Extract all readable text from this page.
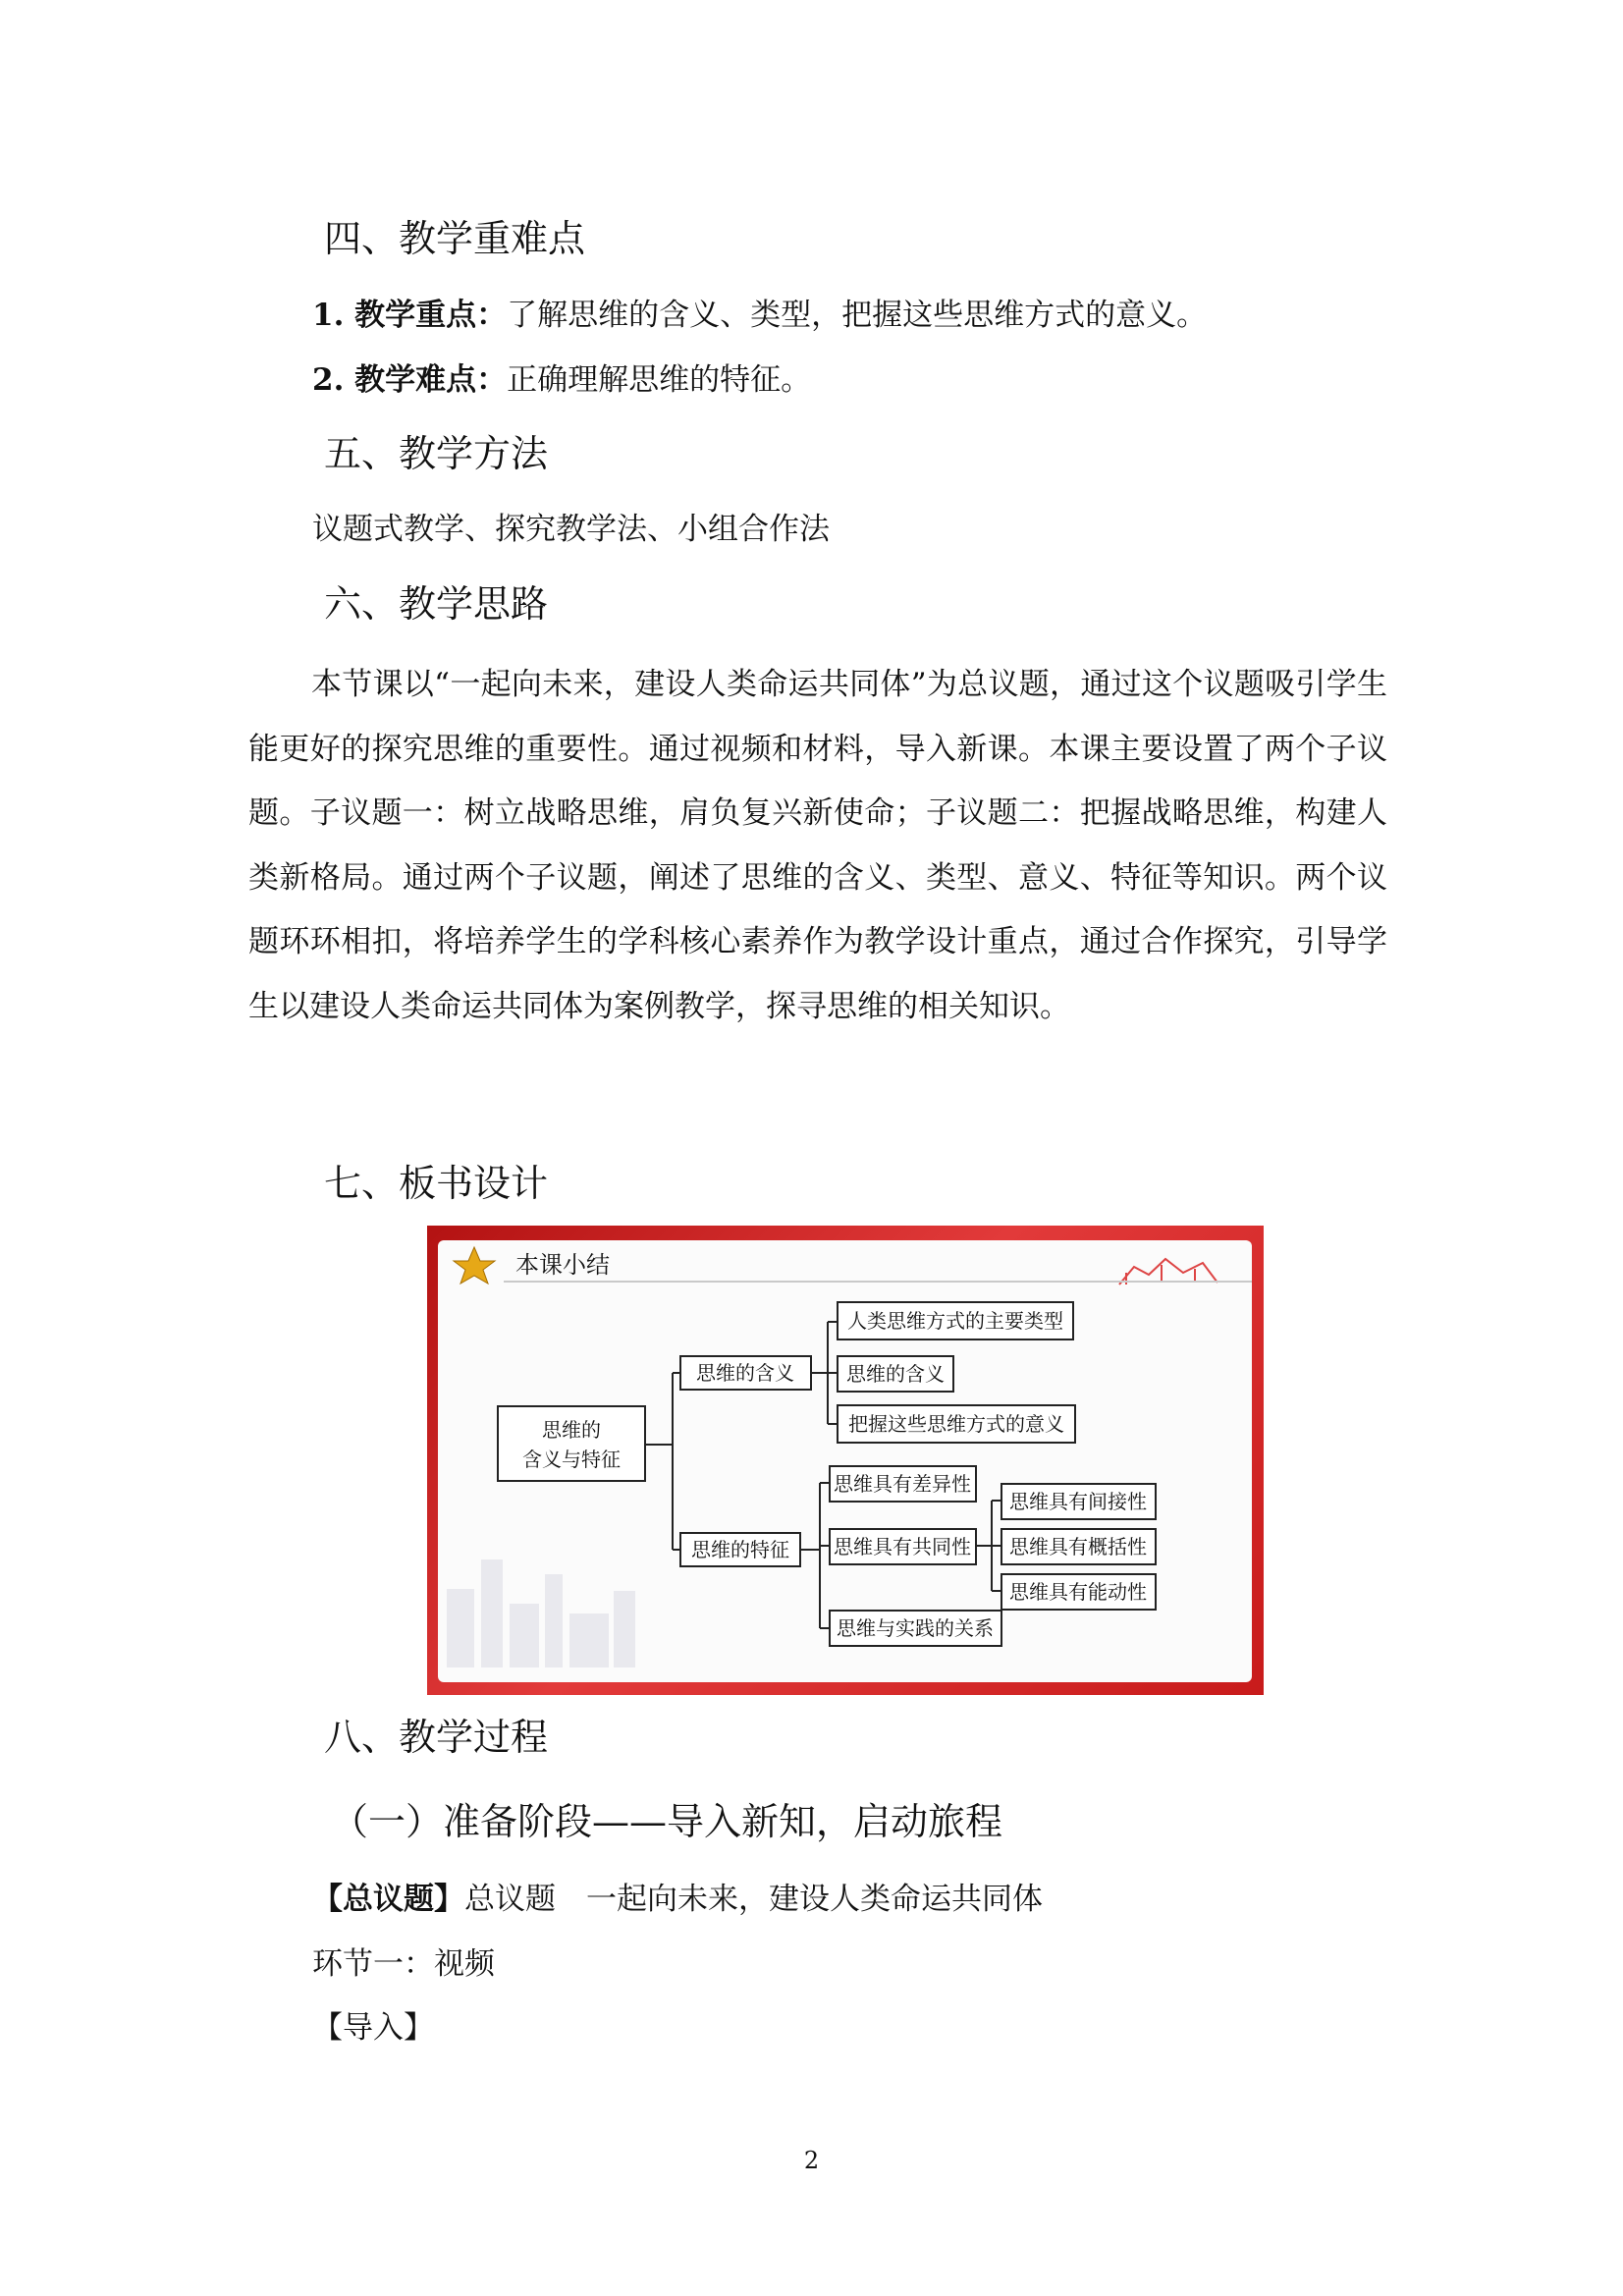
四、教学重难点
1. 教学重点：了解思维的含义、类型，把握这些思维方式的意义。
2. 教学难点：正确理解思维的特征。
五、教学方法
议题式教学、探究教学法、小组合作法
六、教学思路
本节课以“一起向未来，建设人类命运共同体”为总议题，通过这个议题吸引学生能更好的探究思维的重要性。通过视频和材料，导入新课。本课主要设置了两个子议题。子议题一：树立战略思维，肩负复兴新使命；子议题二：把握战略思维，构建人类新格局。通过两个子议题，阐述了思维的含义、类型、意义、特征等知识。两个议题环环相扣，将培养学生的学科核心素养作为教学设计重点，通过合作探究，引导学生以建设人类命运共同体为案例教学，探寻思维的相关知识。
七、板书设计
本课小结
思维的
含义与特征
思维的含义
人类思维方式的主要类型
思维的含义
把握这些思维方式的意义
思维的特征
思维具有差异性
思维具有共同性
思维与实践的关系
思维具有间接性
思维具有概括性
思维具有能动性
八、教学过程
（一）准备阶段——导入新知，启动旅程
【总议题】总议题　一起向未来，建设人类命运共同体
环节一：视频
【导入】
2
